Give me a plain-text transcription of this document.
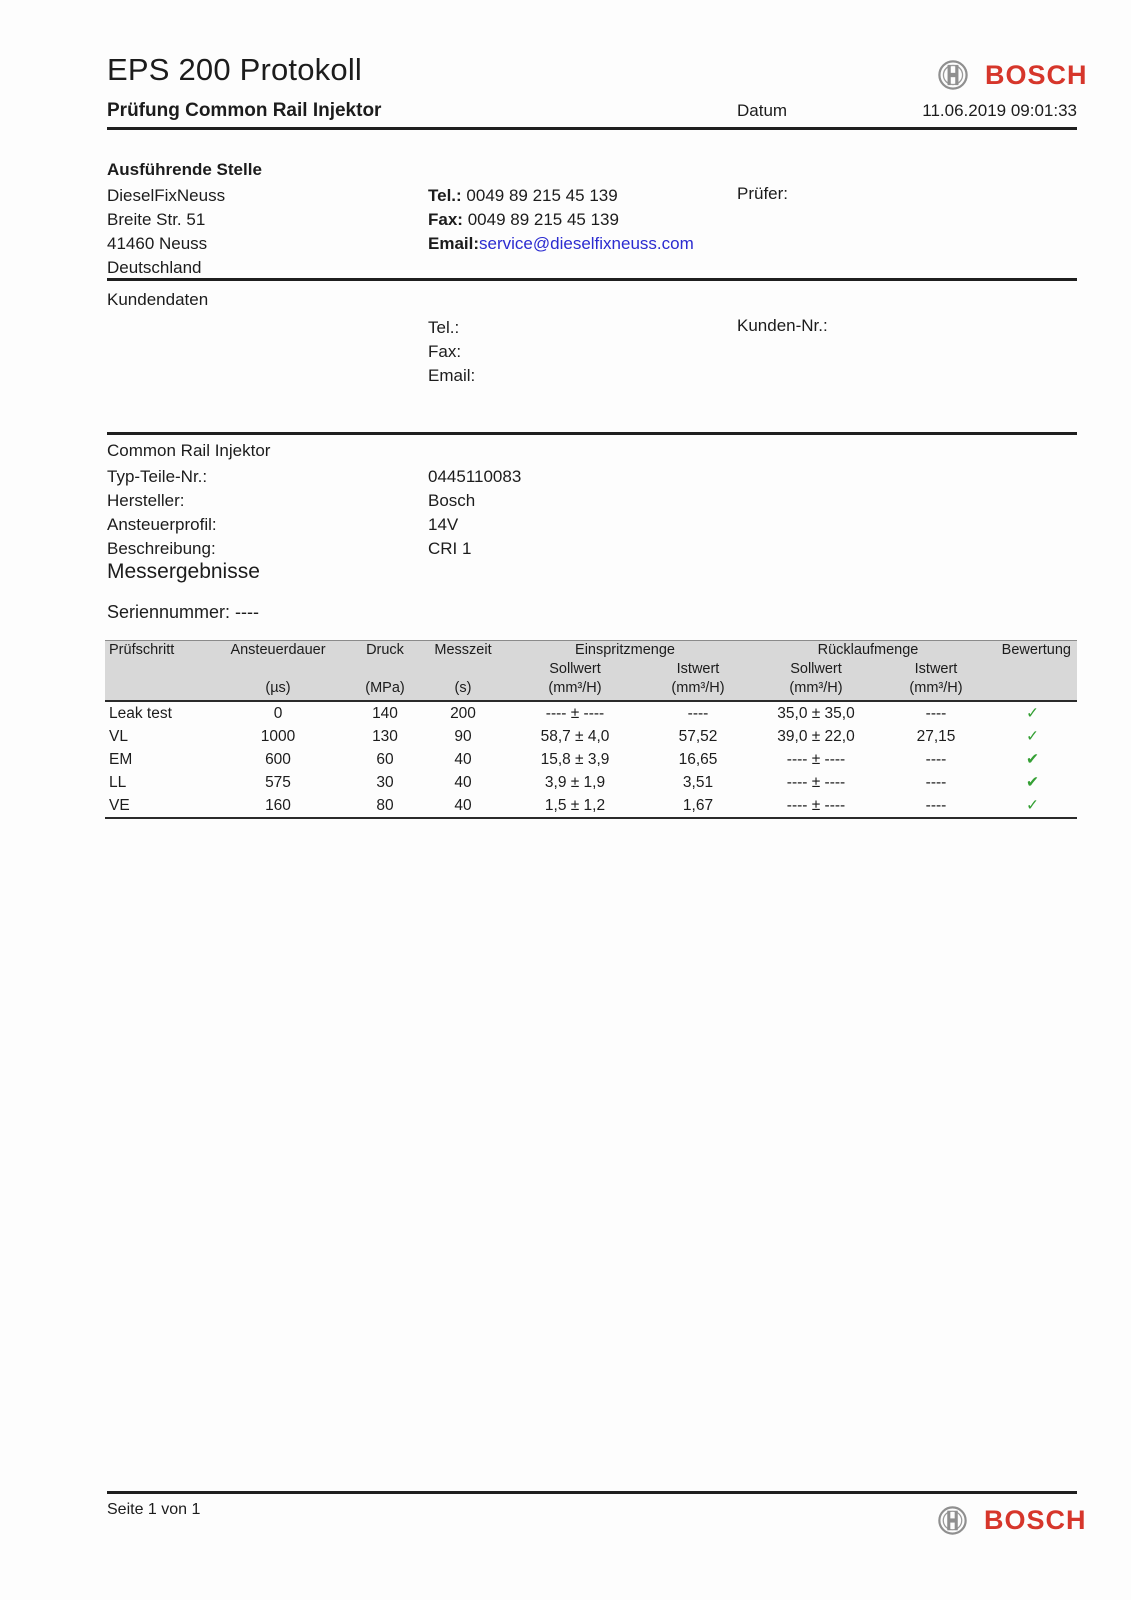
EPS 200 Protokoll	BOSCH
Prüfung Common Rail Injektor	Datum	11.06.2019 09:01:33
Ausführende Stelle
DieselFixNeuss
Breite Str. 51
41460 Neuss
Deutschland
Tel.: 0049 89 215 45 139
Fax: 0049 89 215 45 139
Email:service@dieselfixneuss.com
Prüfer:
Kundendaten
Tel.:
Fax:
Email:
Kunden-Nr.:
Common Rail Injektor
Typ-Teile-Nr.:	0445110083
Hersteller:	Bosch
Ansteuerprofil:	14V
Beschreibung:	CRI 1
Messergebnisse
Seriennummer: ----
Prüfschritt	Ansteuerdauer	Druck	Messzeit	Einspritzmenge		Rücklaufmenge		Bewertung
				Sollwert	Istwert	Sollwert	Istwert	
	(µs)	(MPa)	(s)	(mm³/H)	(mm³/H)	(mm³/H)	(mm³/H)	
Leak test	0	140	200	---- ± ----	----	35,0 ± 35,0	----	✓
VL	1000	130	90	58,7 ± 4,0	57,52	39,0 ± 22,0	27,15	✓
EM	600	60	40	15,8 ± 3,9	16,65	---- ± ----	----	✔
LL	575	30	40	3,9 ± 1,9	3,51	---- ± ----	----	✔
VE	160	80	40	1,5 ± 1,2	1,67	---- ± ----	----	✓
Seite 1 von 1	BOSCH
